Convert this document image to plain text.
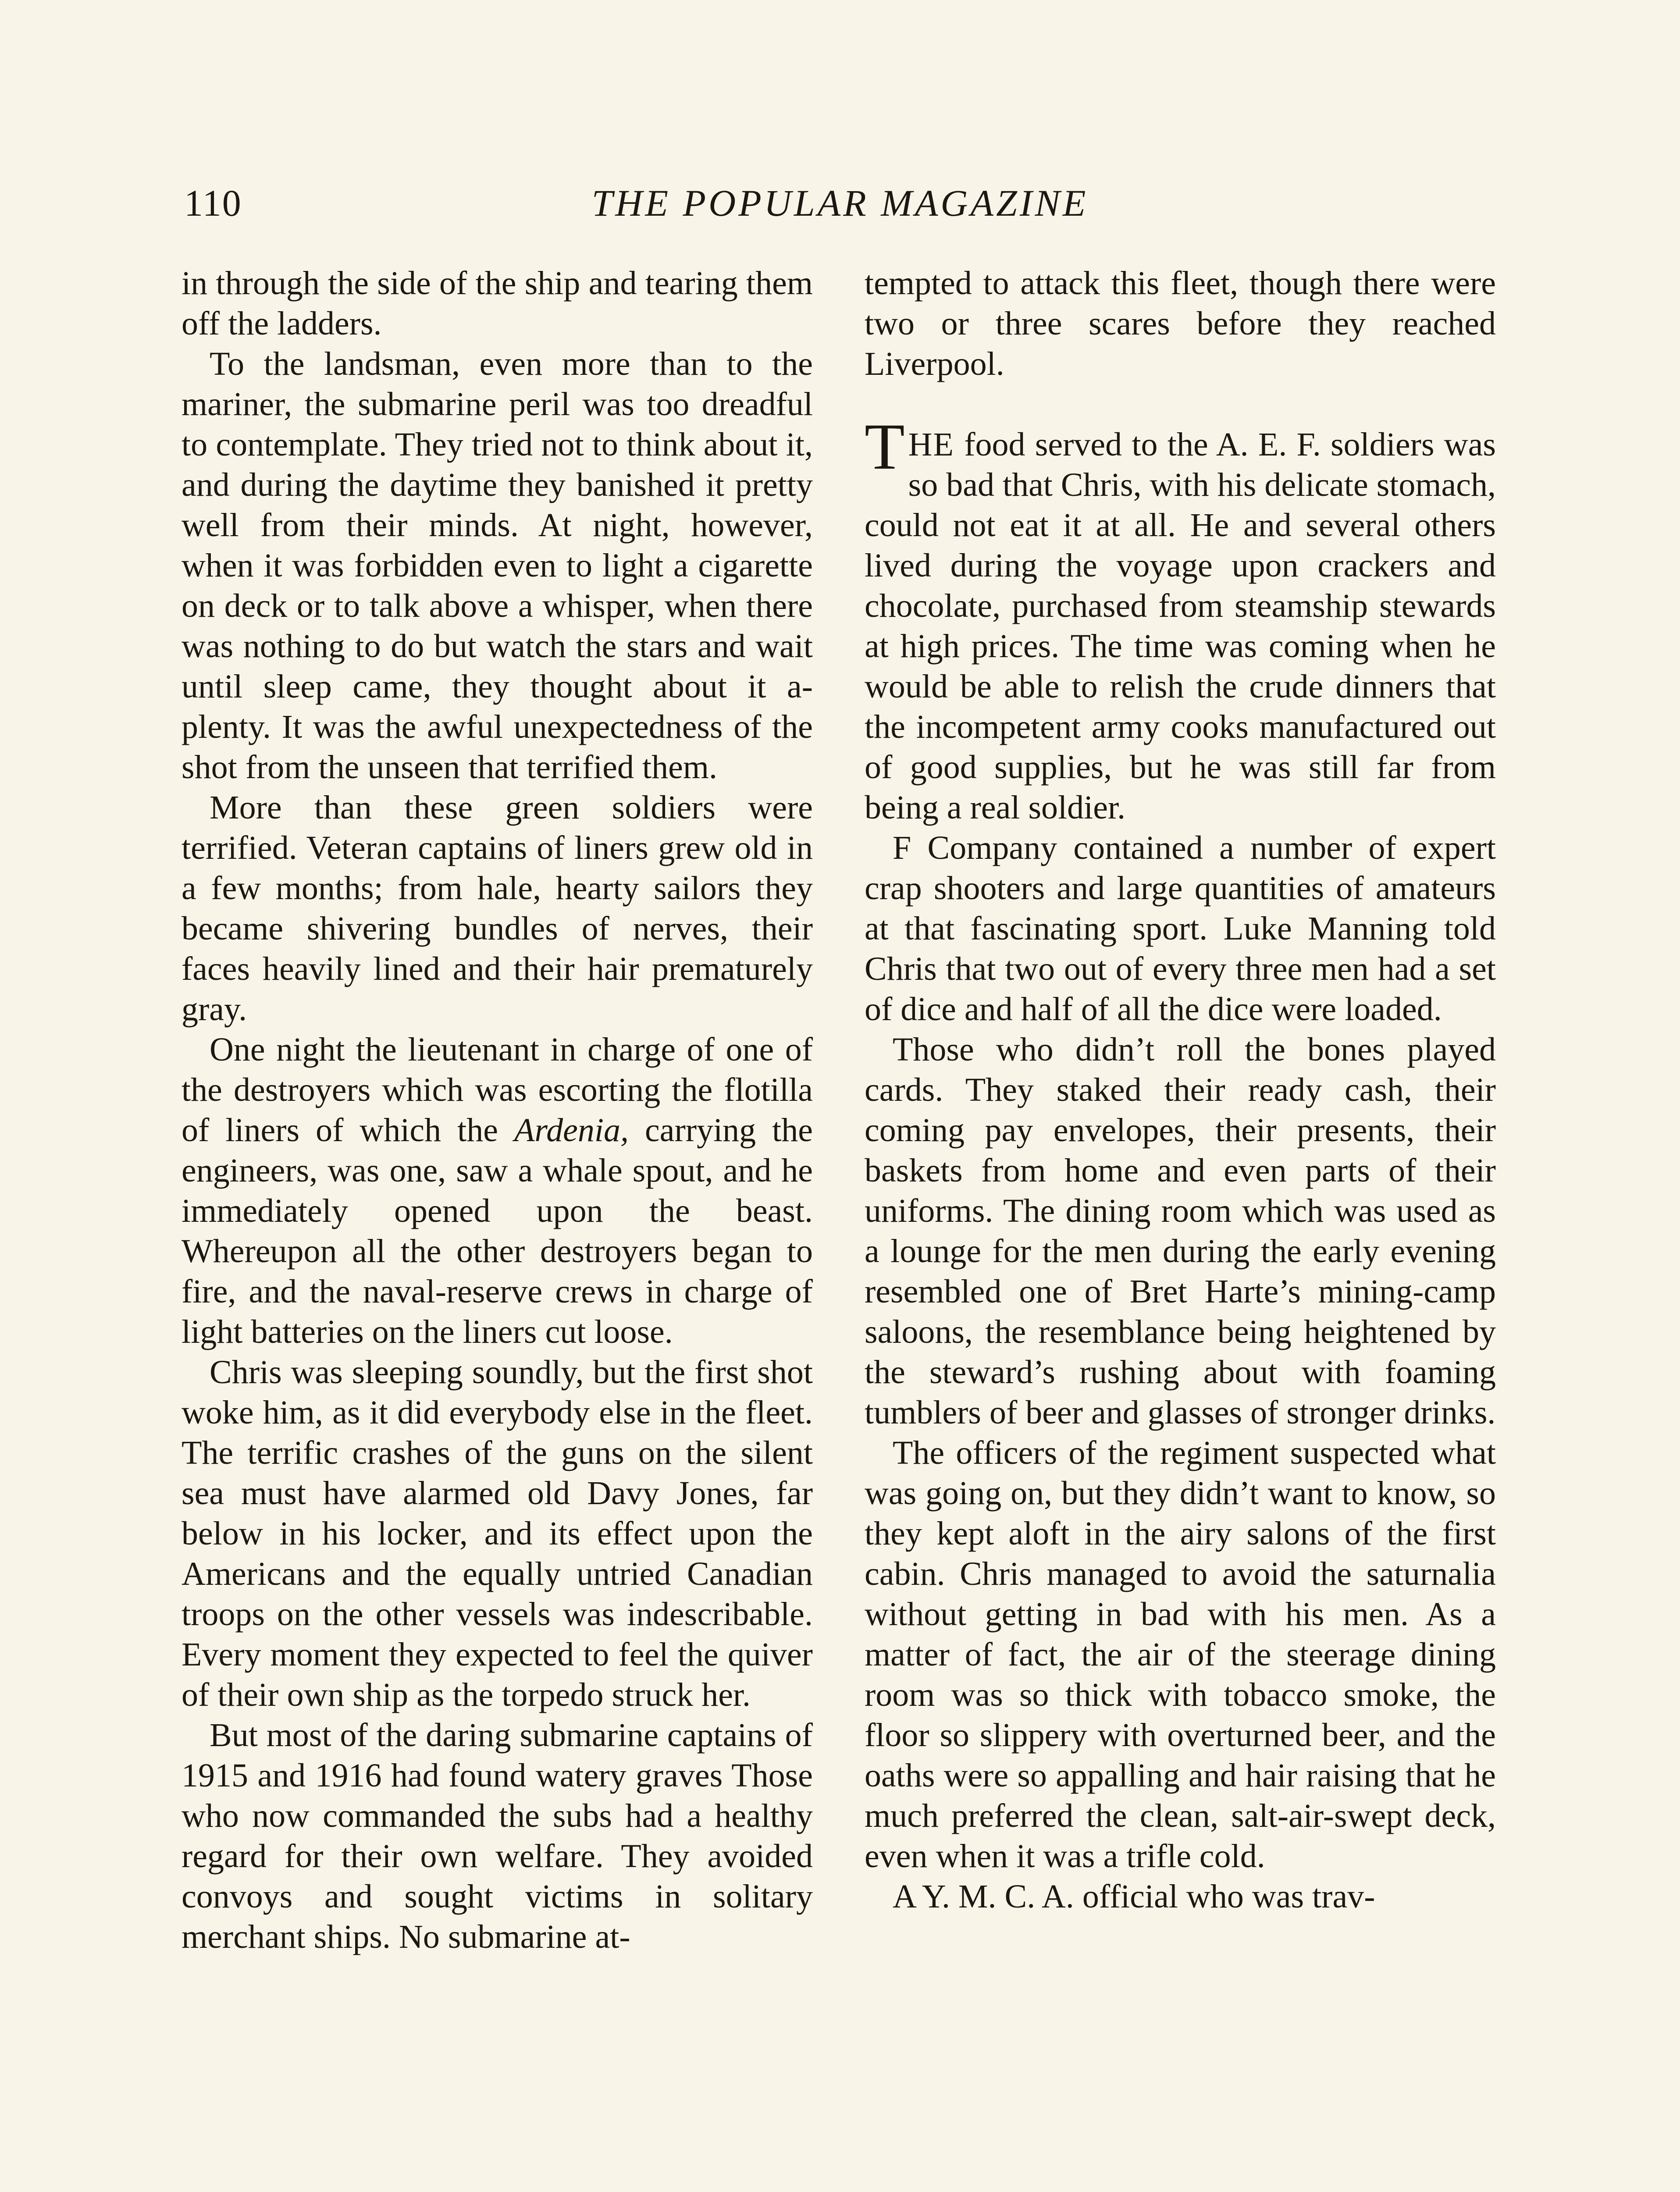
110	THE POPULAR MAGAZINE

in through the side of the ship and tearing them off the ladders.

To the landsman, even more than to the mariner, the submarine peril was too dreadful to contemplate. They tried not to think about it, and during the daytime they banished it pretty well from their minds. At night, however, when it was forbidden even to light a cigarette on deck or to talk above a whisper, when there was nothing to do but watch the stars and wait until sleep came, they thought about it a-plenty. It was the awful unexpectedness of the shot from the unseen that terrified them.

More than these green soldiers were terrified. Veteran captains of liners grew old in a few months; from hale, hearty sailors they became shivering bundles of nerves, their faces heavily lined and their hair prematurely gray.

One night the lieutenant in charge of one of the destroyers which was escorting the flotilla of liners of which the Ardenia, carrying the engineers, was one, saw a whale spout, and he immediately opened upon the beast. Whereupon all the other destroyers began to fire, and the naval-reserve crews in charge of light batteries on the liners cut loose.

Chris was sleeping soundly, but the first shot woke him, as it did everybody else in the fleet. The terrific crashes of the guns on the silent sea must have alarmed old Davy Jones, far below in his locker, and its effect upon the Americans and the equally untried Canadian troops on the other vessels was indescribable. Every moment they expected to feel the quiver of their own ship as the torpedo struck her.

But most of the daring submarine captains of 1915 and 1916 had found watery graves Those who now commanded the subs had a healthy regard for their own welfare. They avoided convoys and sought victims in solitary merchant ships. No submarine at-

tempted to attack this fleet, though there were two or three scares before they reached Liverpool.

THE food served to the A. E. F. soldiers was so bad that Chris, with his delicate stomach, could not eat it at all. He and several others lived during the voyage upon crackers and chocolate, purchased from steamship stewards at high prices. The time was coming when he would be able to relish the crude dinners that the incompetent army cooks manufactured out of good supplies, but he was still far from being a real soldier.

F Company contained a number of expert crap shooters and large quantities of amateurs at that fascinating sport. Luke Manning told Chris that two out of every three men had a set of dice and half of all the dice were loaded.

Those who didn’t roll the bones played cards. They staked their ready cash, their coming pay envelopes, their presents, their baskets from home and even parts of their uniforms. The dining room which was used as a lounge for the men during the early evening resembled one of Bret Harte’s mining-camp saloons, the resemblance being heightened by the steward’s rushing about with foaming tumblers of beer and glasses of stronger drinks.

The officers of the regiment suspected what was going on, but they didn’t want to know, so they kept aloft in the airy salons of the first cabin. Chris managed to avoid the saturnalia without getting in bad with his men. As a matter of fact, the air of the steerage dining room was so thick with tobacco smoke, the floor so slippery with overturned beer, and the oaths were so appalling and hair raising that he much preferred the clean, salt-air-swept deck, even when it was a trifle cold.

A Y. M. C. A. official who was trav-
